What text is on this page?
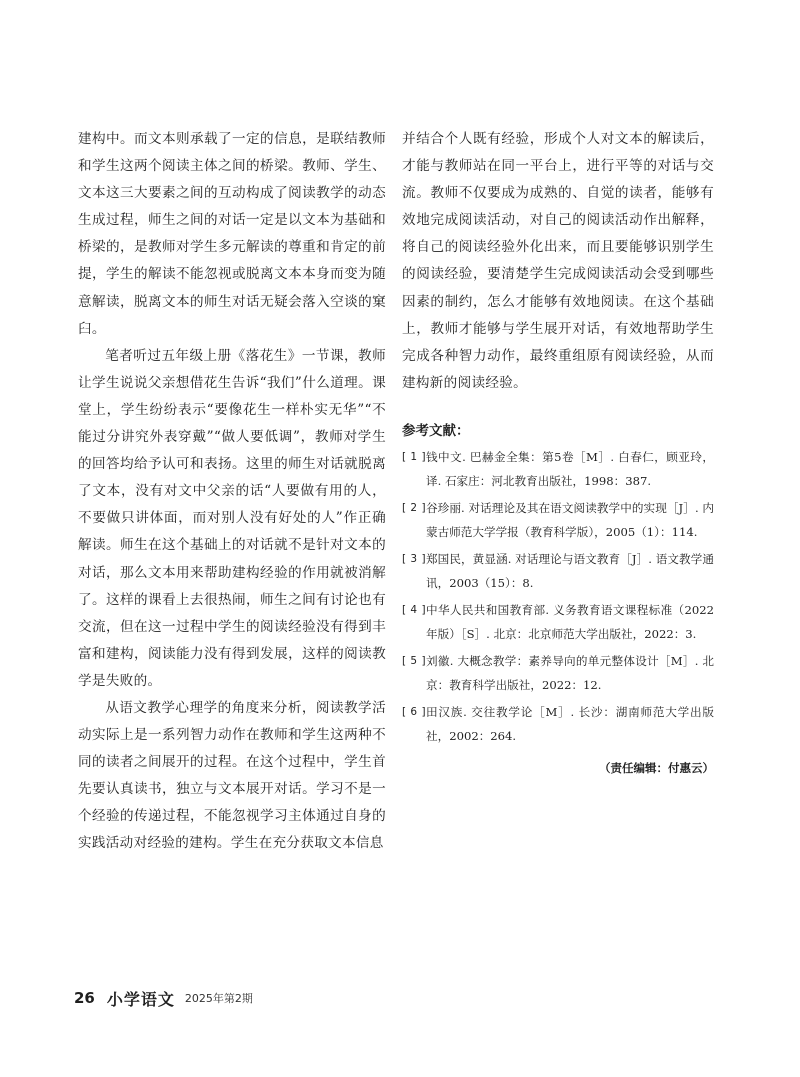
建构中。而文本则承载了一定的信息，是联结教师和学生这两个阅读主体之间的桥梁。教师、学生、文本这三大要素之间的互动构成了阅读教学的动态生成过程，师生之间的对话一定是以文本为基础和桥梁的，是教师对学生多元解读的尊重和肯定的前提，学生的解读不能忽视或脱离文本本身而变为随意解读，脱离文本的师生对话无疑会落入空谈的窠臼。

笔者听过五年级上册《落花生》一节课，教师让学生说说父亲想借花生告诉“我们”什么道理。课堂上，学生纷纷表示“要像花生一样朴实无华”“不能过分讲究外表穿戴”“做人要低调”，教师对学生的回答均给予认可和表扬。这里的师生对话就脱离了文本，没有对文中父亲的话“人要做有用的人，不要做只讲体面，而对别人没有好处的人”作正确解读。师生在这个基础上的对话就不是针对文本的对话，那么文本用来帮助建构经验的作用就被消解了。这样的课看上去很热闹，师生之间有讨论也有交流，但在这一过程中学生的阅读经验没有得到丰富和建构，阅读能力没有得到发展，这样的阅读教学是失败的。

从语文教学心理学的角度来分析，阅读教学活动实际上是一系列智力动作在教师和学生这两种不同的读者之间展开的过程。在这个过程中，学生首先要认真读书，独立与文本展开对话。学习不是一个经验的传递过程，不能忽视学习主体通过自身的实践活动对经验的建构。学生在充分获取文本信息

并结合个人既有经验，形成个人对文本的解读后，才能与教师站在同一平台上，进行平等的对话与交流。教师不仅要成为成熟的、自觉的读者，能够有效地完成阅读活动，对自己的阅读活动作出解释，将自己的阅读经验外化出来，而且要能够识别学生的阅读经验，要清楚学生完成阅读活动会受到哪些因素的制约，怎么才能够有效地阅读。在这个基础上，教师才能够与学生展开对话，有效地帮助学生完成各种智力动作，最终重组原有阅读经验，从而建构新的阅读经验。

参考文献：
[ 1 ] 钱中文. 巴赫金全集：第5卷［M］. 白春仁，顾亚玲，译. 石家庄：河北教育出版社，1998：387.
[ 2 ] 谷珍丽. 对话理论及其在语文阅读教学中的实现［J］. 内蒙古师范大学学报（教育科学版），2005（1）：114.
[ 3 ] 郑国民，黄显涵. 对话理论与语文教育［J］. 语文教学通讯，2003（15）：8.
[ 4 ] 中华人民共和国教育部. 义务教育语文课程标准（2022年版）［S］. 北京：北京师范大学出版社，2022：3.
[ 5 ] 刘徽. 大概念教学：素养导向的单元整体设计［M］. 北京：教育科学出版社，2022：12.
[ 6 ] 田汉族. 交往教学论［M］. 长沙：湖南师范大学出版社，2002：264.
（责任编辑：付惠云）
26 小学语文 2025年第2期
